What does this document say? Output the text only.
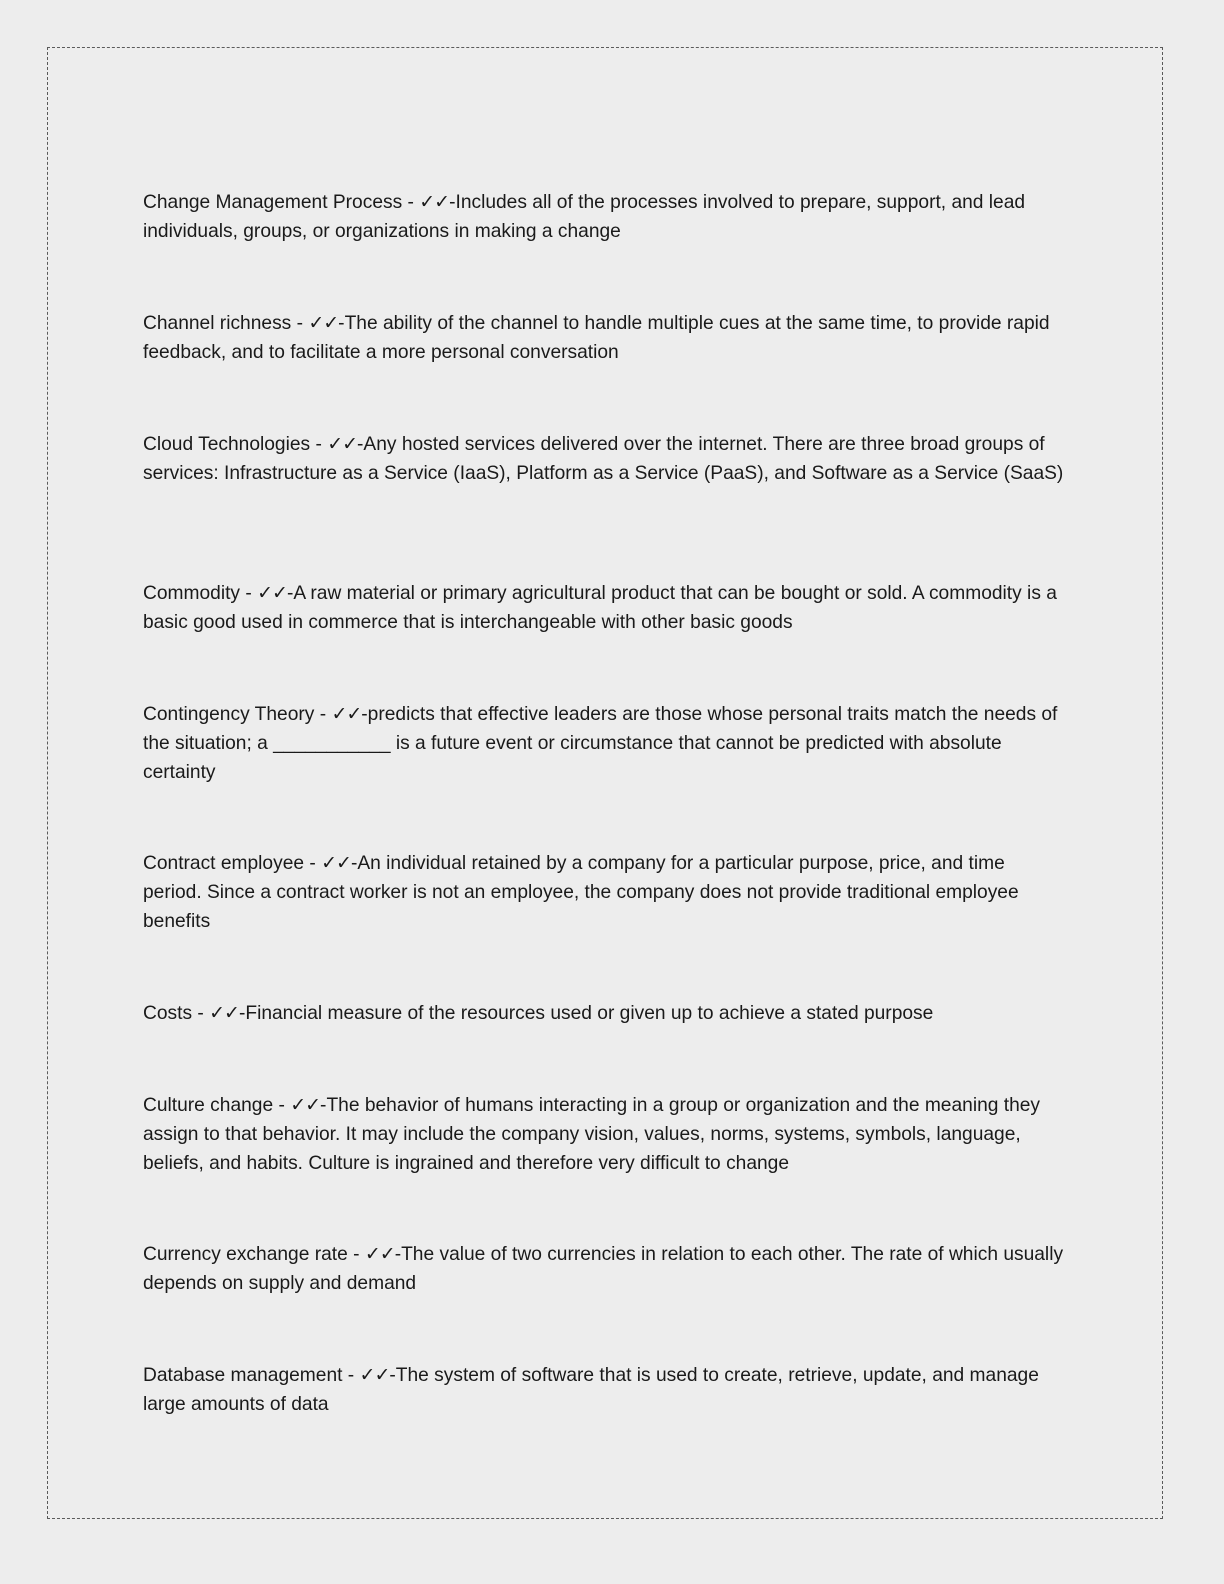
Change Management Process - ✓✓-Includes all of the processes involved to prepare, support, and lead individuals, groups, or organizations in making a change

Channel richness - ✓✓-The ability of the channel to handle multiple cues at the same time, to provide rapid feedback, and to facilitate a more personal conversation

Cloud Technologies - ✓✓-Any hosted services delivered over the internet. There are three broad groups of services: Infrastructure as a Service (IaaS), Platform as a Service (PaaS), and Software as a Service (SaaS)

Commodity - ✓✓-A raw material or primary agricultural product that can be bought or sold. A commodity is a basic good used in commerce that is interchangeable with other basic goods

Contingency Theory - ✓✓-predicts that effective leaders are those whose personal traits match the needs of the situation; a ___________ is a future event or circumstance that cannot be predicted with absolute certainty

Contract employee - ✓✓-An individual retained by a company for a particular purpose, price, and time period. Since a contract worker is not an employee, the company does not provide traditional employee benefits

Costs - ✓✓-Financial measure of the resources used or given up to achieve a stated purpose

Culture change - ✓✓-The behavior of humans interacting in a group or organization and the meaning they assign to that behavior. It may include the company vision, values, norms, systems, symbols, language, beliefs, and habits. Culture is ingrained and therefore very difficult to change

Currency exchange rate - ✓✓-The value of two currencies in relation to each other. The rate of which usually depends on supply and demand

Database management - ✓✓-The system of software that is used to create, retrieve, update, and manage large amounts of data
